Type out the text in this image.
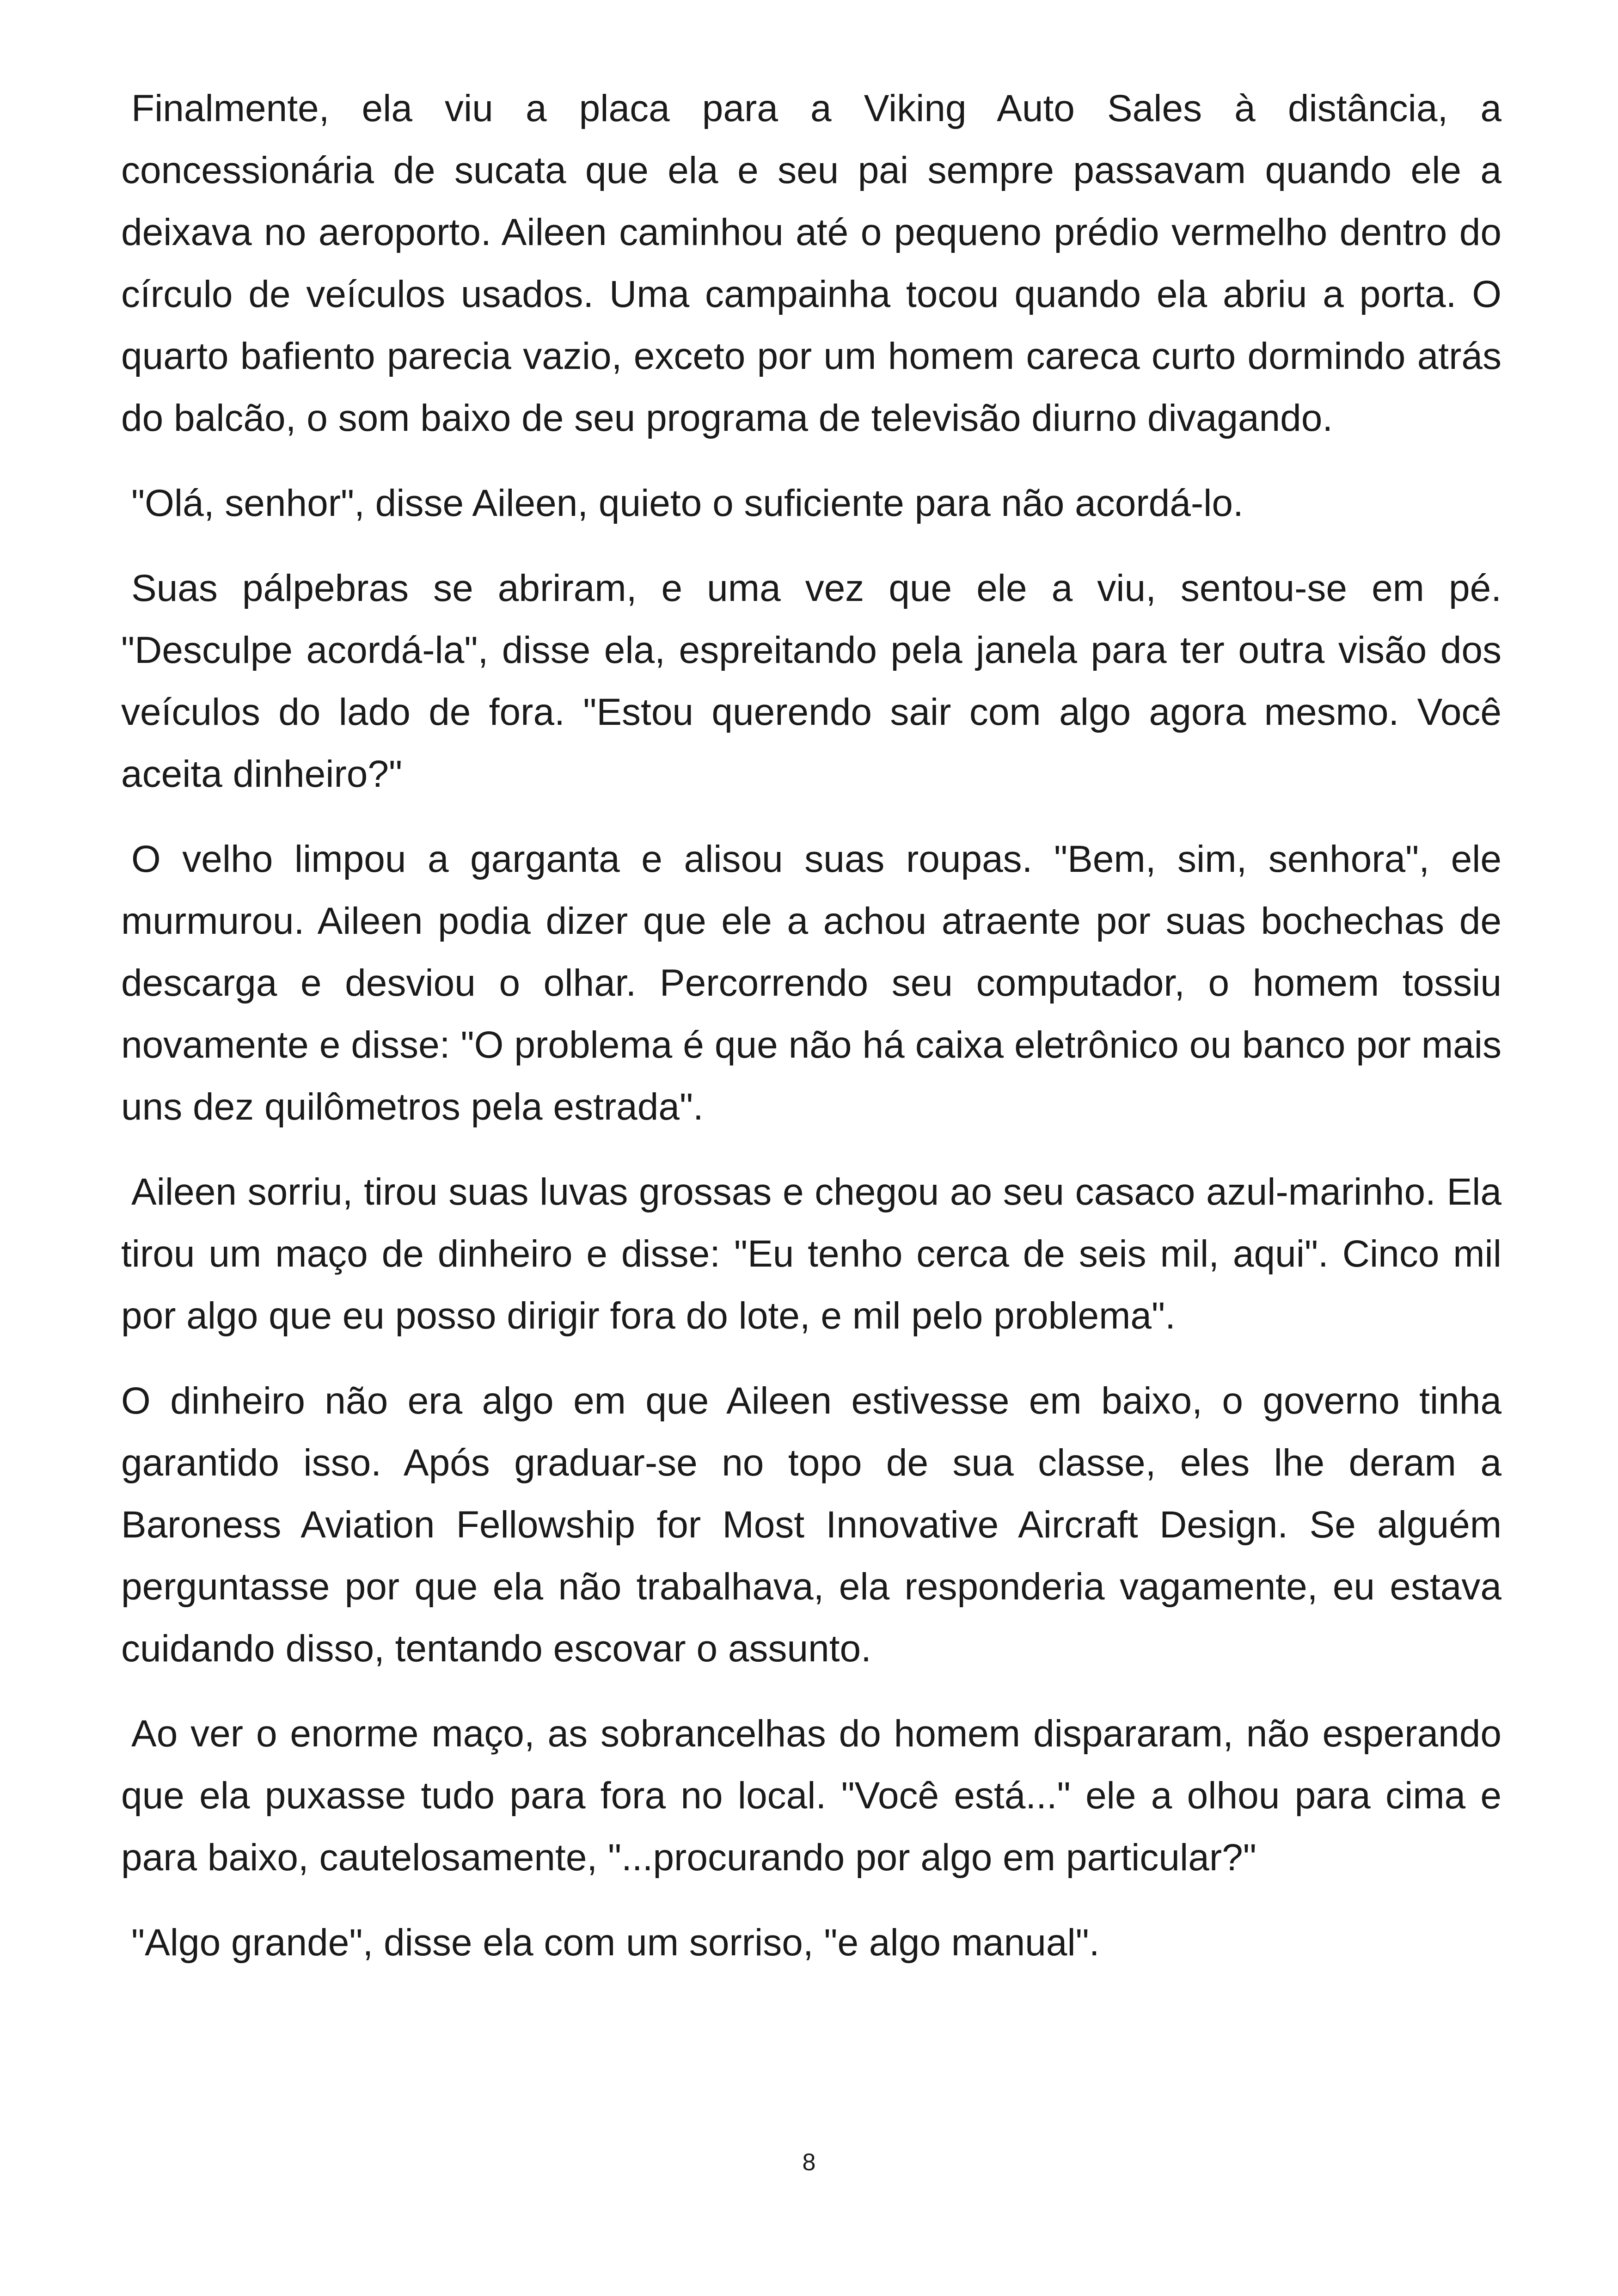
Finalmente, ela viu a placa para a Viking Auto Sales à distância, a concessionária de sucata que ela e seu pai sempre passavam quando ele a deixava no aeroporto. Aileen caminhou até o pequeno prédio vermelho dentro do círculo de veículos usados. Uma campainha tocou quando ela abriu a porta. O quarto bafiento parecia vazio, exceto por um homem careca curto dormindo atrás do balcão, o som baixo de seu programa de televisão diurno divagando.

"Olá, senhor", disse Aileen, quieto o suficiente para não acordá-lo.

Suas pálpebras se abriram, e uma vez que ele a viu, sentou-se em pé. "Desculpe acordá-la", disse ela, espreitando pela janela para ter outra visão dos veículos do lado de fora. "Estou querendo sair com algo agora mesmo. Você aceita dinheiro?"

O velho limpou a garganta e alisou suas roupas. "Bem, sim, senhora", ele murmurou. Aileen podia dizer que ele a achou atraente por suas bochechas de descarga e desviou o olhar. Percorrendo seu computador, o homem tossiu novamente e disse: "O problema é que não há caixa eletrônico ou banco por mais uns dez quilômetros pela estrada".

Aileen sorriu, tirou suas luvas grossas e chegou ao seu casaco azul-marinho. Ela tirou um maço de dinheiro e disse: "Eu tenho cerca de seis mil, aqui". Cinco mil por algo que eu posso dirigir fora do lote, e mil pelo problema".

O dinheiro não era algo em que Aileen estivesse em baixo, o governo tinha garantido isso. Após graduar-se no topo de sua classe, eles lhe deram a Baroness Aviation Fellowship for Most Innovative Aircraft Design. Se alguém perguntasse por que ela não trabalhava, ela responderia vagamente, eu estava cuidando disso, tentando escovar o assunto.

Ao ver o enorme maço, as sobrancelhas do homem dispararam, não esperando que ela puxasse tudo para fora no local. "Você está..." ele a olhou para cima e para baixo, cautelosamente, "...procurando por algo em particular?"

"Algo grande", disse ela com um sorriso, "e algo manual".

8
